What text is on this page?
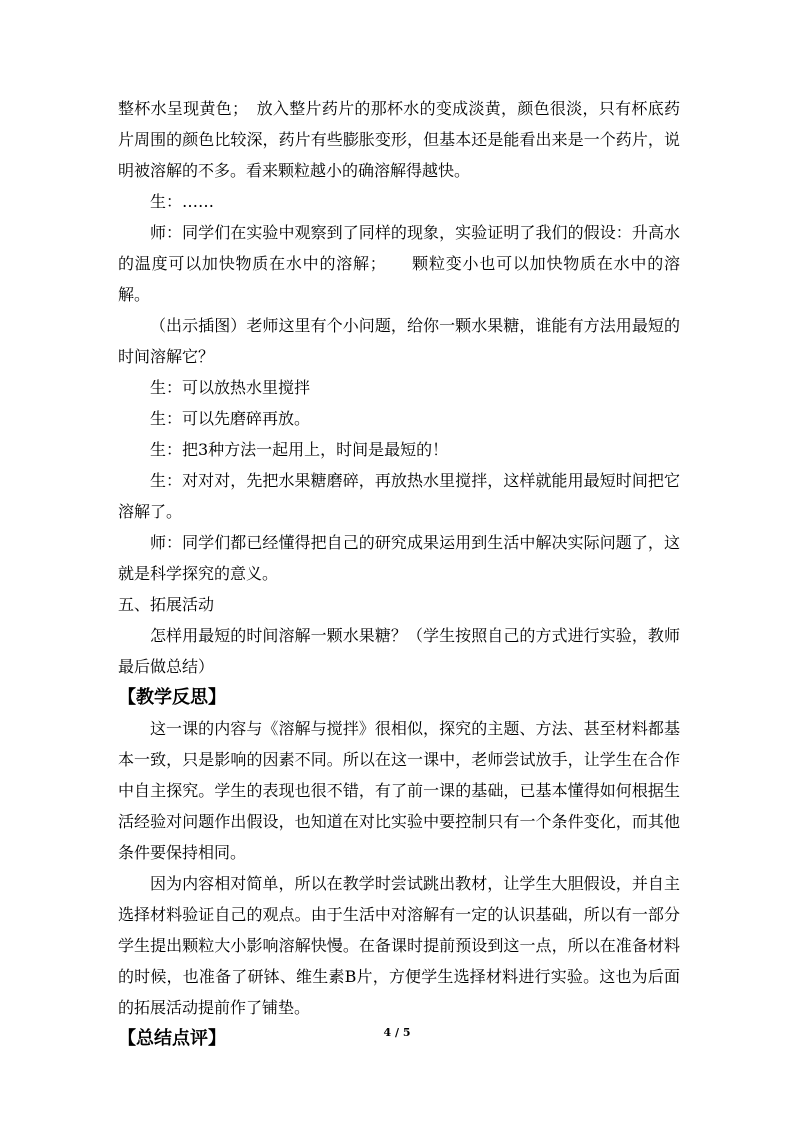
整杯水呈现黄色；　放入整片药片的那杯水的变成淡黄，颜色很淡，只有杯底药片周围的颜色比较深，药片有些膨胀变形，但基本还是能看出来是一个药片，说明被溶解的不多。看来颗粒越小的确溶解得越快。

生：……

师：同学们在实验中观察到了同样的现象，实验证明了我们的假设：升高水的温度可以加快物质在水中的溶解；　　颗粒变小也可以加快物质在水中的溶解。

（出示插图）老师这里有个小问题，给你一颗水果糖，谁能有方法用最短的时间溶解它？

生：可以放热水里搅拌

生：可以先磨碎再放。

生：把3种方法一起用上，时间是最短的！

生：对对对，先把水果糖磨碎，再放热水里搅拌，这样就能用最短时间把它溶解了。

师：同学们都已经懂得把自己的研究成果运用到生活中解决实际问题了，这就是科学探究的意义。

五、拓展活动

怎样用最短的时间溶解一颗水果糖？（学生按照自己的方式进行实验，教师最后做总结）

【教学反思】

这一课的内容与《溶解与搅拌》很相似，探究的主题、方法、甚至材料都基本一致，只是影响的因素不同。所以在这一课中，老师尝试放手，让学生在合作中自主探究。学生的表现也很不错，有了前一课的基础，已基本懂得如何根据生活经验对问题作出假设，也知道在对比实验中要控制只有一个条件变化，而其他条件要保持相同。

因为内容相对简单，所以在教学时尝试跳出教材，让学生大胆假设，并自主选择材料验证自己的观点。由于生活中对溶解有一定的认识基础，所以有一部分学生提出颗粒大小影响溶解快慢。在备课时提前预设到这一点，所以在准备材料的时候，也准备了研钵、维生素B片，方便学生选择材料进行实验。这也为后面的拓展活动提前作了铺垫。

【总结点评】	4 / 5
